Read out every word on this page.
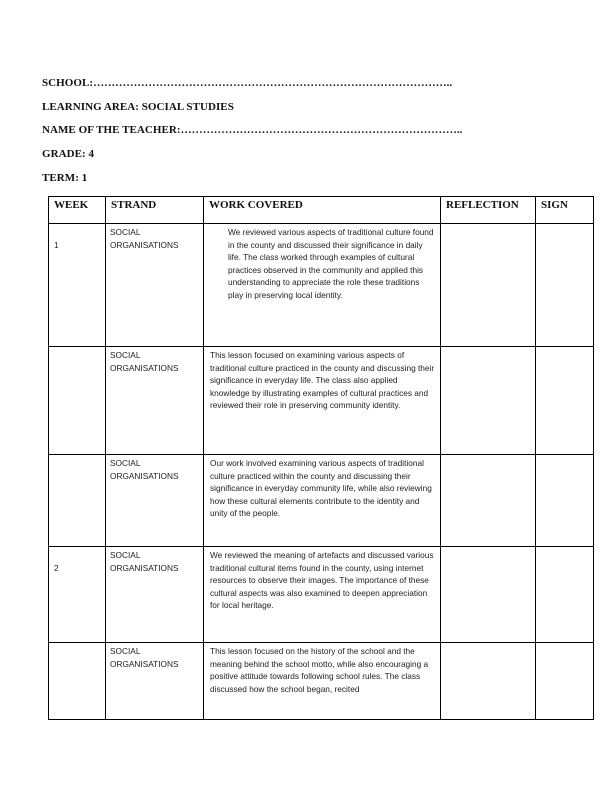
SCHOOL:……………………………………………………………………………………..
LEARNING AREA: SOCIAL STUDIES
NAME OF THE TEACHER:…………………………………………………………………..
GRADE: 4
TERM: 1
WEEK	STRAND	WORK COVERED	REFLECTION	SIGN

1	SOCIAL ORGANISATIONS	We reviewed various aspects of traditional culture found in the county and discussed their significance in daily life. The class worked through examples of cultural practices observed in the community and applied this understanding to appreciate the role these traditions play in preserving local identity.		

	SOCIAL ORGANISATIONS	This lesson focused on examining various aspects of traditional culture practiced in the county and discussing their significance in everyday life. The class also applied knowledge by illustrating examples of cultural practices and reviewed their role in preserving community identity.		

	SOCIAL ORGANISATIONS	Our work involved examining various aspects of traditional culture practiced within the county and discussing their significance in everyday community life, while also reviewing how these cultural elements contribute to the identity and unity of the people.		

2	SOCIAL ORGANISATIONS	We reviewed the meaning of artefacts and discussed various traditional cultural items found in the county, using internet resources to observe their images. The importance of these cultural aspects was also examined to deepen appreciation for local heritage.		

	SOCIAL ORGANISATIONS	This lesson focused on the history of the school and the meaning behind the school motto, while also encouraging a positive attitude towards following school rules. The class discussed how the school began, recited		
